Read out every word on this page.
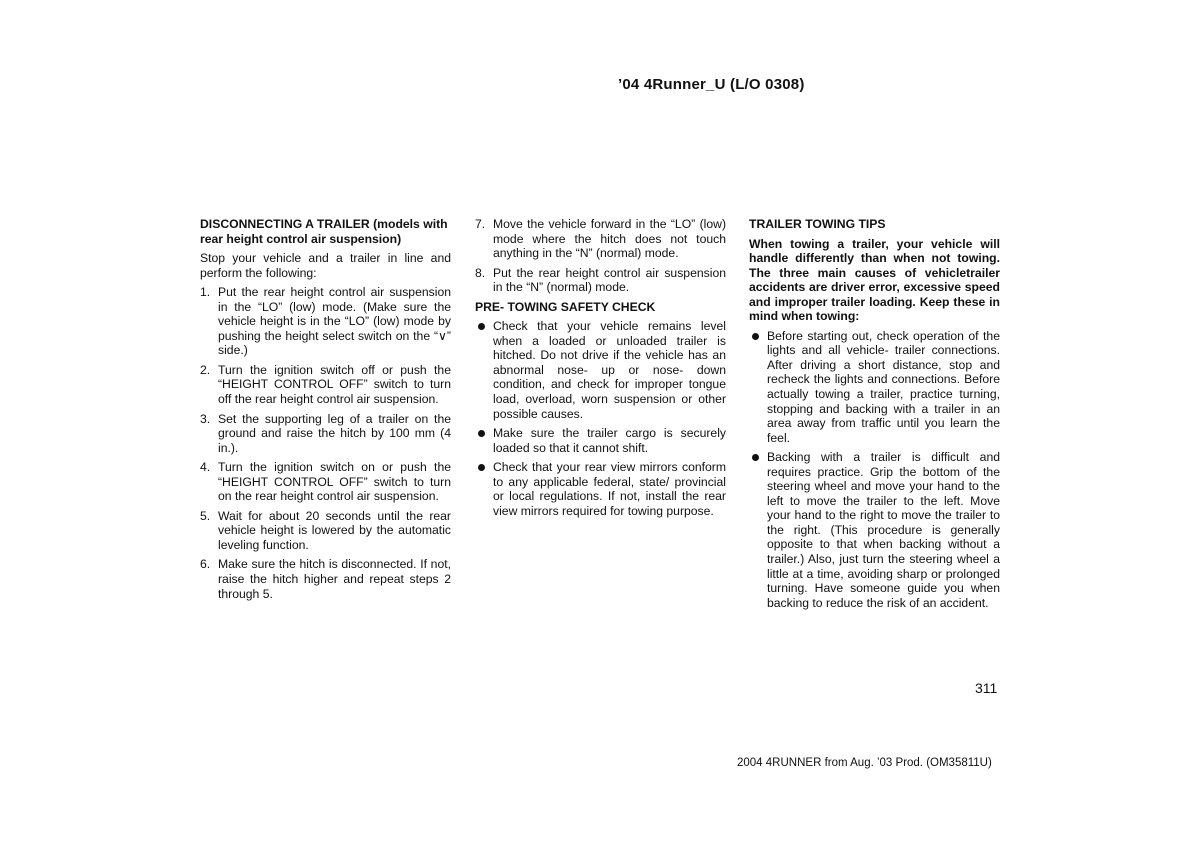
’04 4Runner_U (L/O 0308)
DISCONNECTING A TRAILER (models with rear height control air suspension)
Stop your vehicle and a trailer in line and perform the following:
1. Put the rear height control air suspension in the “LO” (low) mode. (Make sure the vehicle height is in the “LO” (low) mode by pushing the height select switch on the “∨” side.)
2. Turn the ignition switch off or push the “HEIGHT CONTROL OFF” switch to turn off the rear height control air suspension.
3. Set the supporting leg of a trailer on the ground and raise the hitch by 100 mm (4 in.).
4. Turn the ignition switch on or push the “HEIGHT CONTROL OFF” switch to turn on the rear height control air suspension.
5. Wait for about 20 seconds until the rear vehicle height is lowered by the automatic leveling function.
6. Make sure the hitch is disconnected. If not, raise the hitch higher and repeat steps 2 through 5.
7. Move the vehicle forward in the “LO” (low) mode where the hitch does not touch anything in the “N” (normal) mode.
8. Put the rear height control air suspension in the “N” (normal) mode.
PRE- TOWING SAFETY CHECK
Check that your vehicle remains level when a loaded or unloaded trailer is hitched. Do not drive if the vehicle has an abnormal nose- up or nose- down condition, and check for improper tongue load, overload, worn suspension or other possible causes.
Make sure the trailer cargo is securely loaded so that it cannot shift.
Check that your rear view mirrors conform to any applicable federal, state/ provincial or local regulations. If not, install the rear view mirrors required for towing purpose.
TRAILER TOWING TIPS
When towing a trailer, your vehicle will handle differently than when not towing. The three main causes of vehicletrailer accidents are driver error, excessive speed and improper trailer loading. Keep these in mind when towing:
Before starting out, check operation of the lights and all vehicle- trailer connections. After driving a short distance, stop and recheck the lights and connections. Before actually towing a trailer, practice turning, stopping and backing with a trailer in an area away from traffic until you learn the feel.
Backing with a trailer is difficult and requires practice. Grip the bottom of the steering wheel and move your hand to the left to move the trailer to the left. Move your hand to the right to move the trailer to the right. (This procedure is generally opposite to that when backing without a trailer.) Also, just turn the steering wheel a little at a time, avoiding sharp or prolonged turning. Have someone guide you when backing to reduce the risk of an accident.
311
2004 4RUNNER from Aug. ’03 Prod. (OM35811U)
